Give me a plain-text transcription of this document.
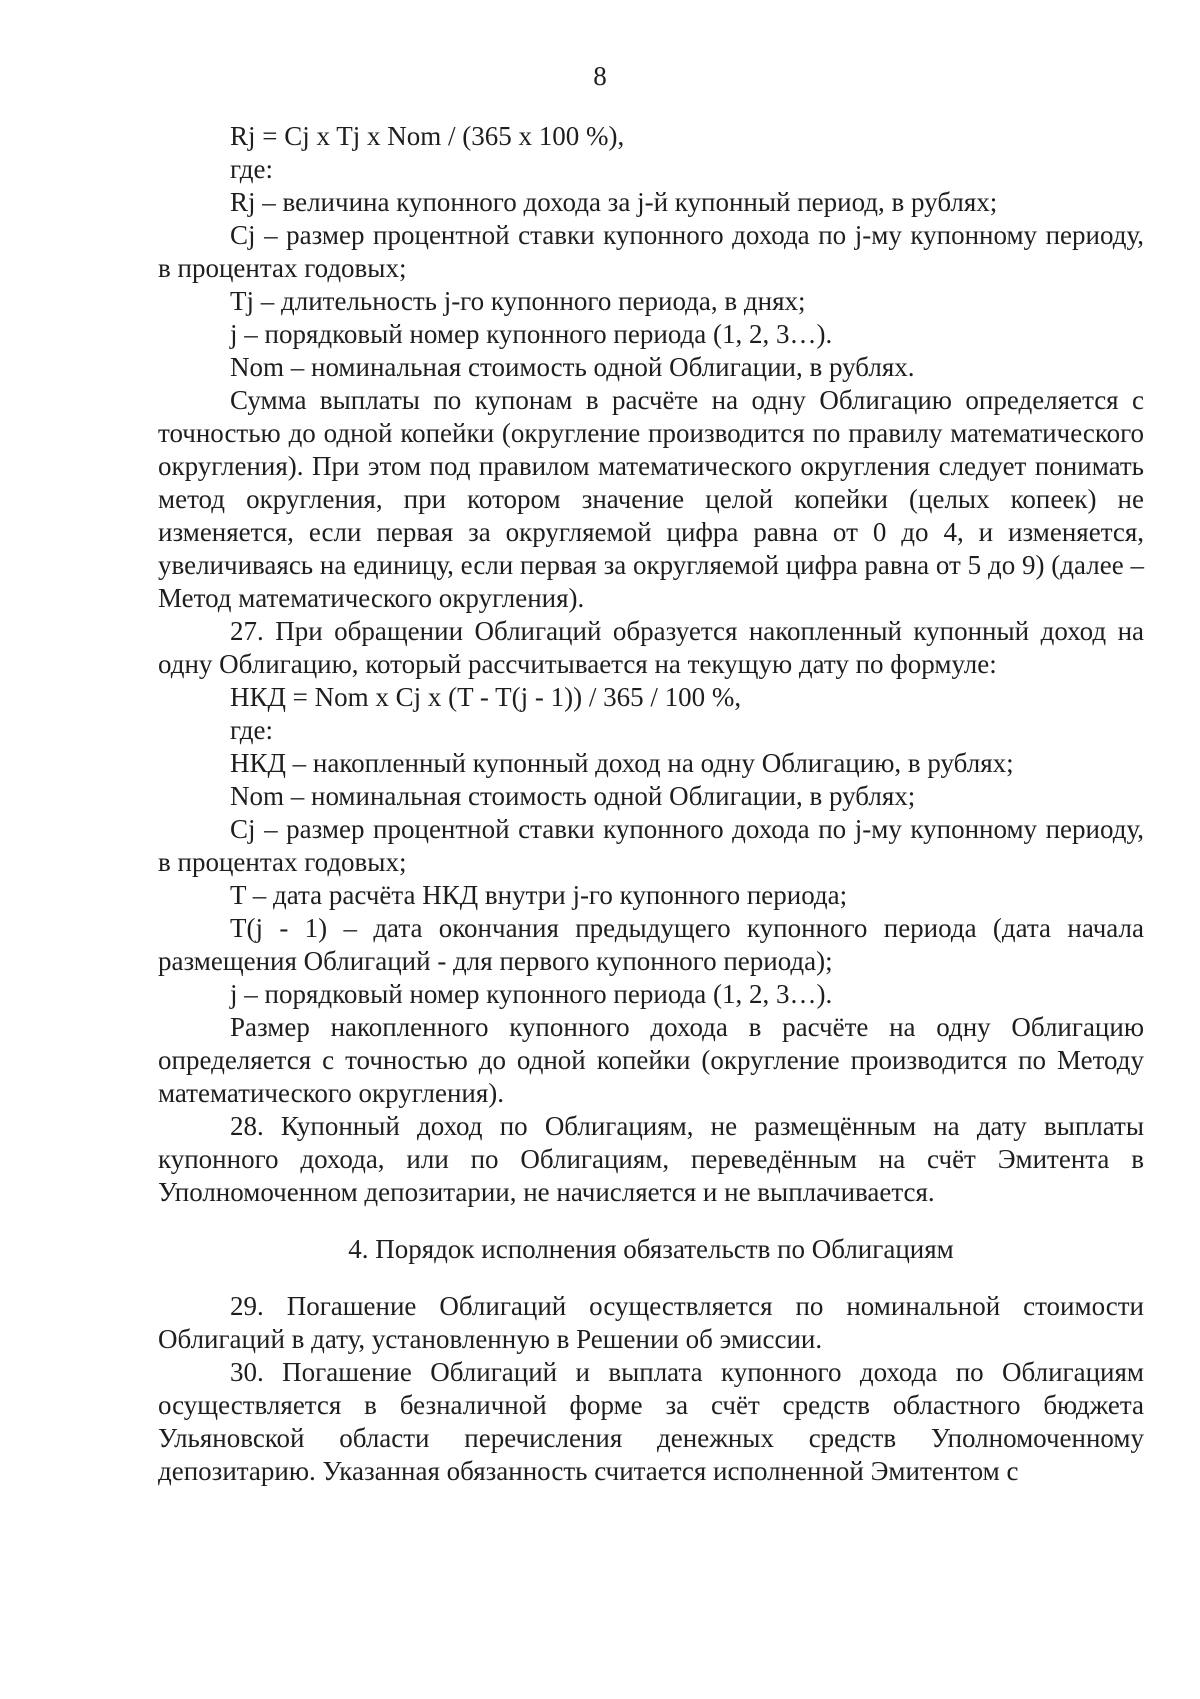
8

Rj = Cj x Tj x Nom / (365 x 100 %),

где:

Rj – величина купонного дохода за j-й купонный период, в рублях;

Cj – размер процентной ставки купонного дохода по j-му купонному периоду, в процентах годовых;

Tj – длительность j-го купонного периода, в днях;

j – порядковый номер купонного периода (1, 2, 3…).

Nom – номинальная стоимость одной Облигации, в рублях.

Сумма выплаты по купонам в расчёте на одну Облигацию определяется с точностью до одной копейки (округление производится по правилу математического округления). При этом под правилом математического округления следует понимать метод округления, при котором значение целой копейки (целых копеек) не изменяется, если первая за округляемой цифра равна от 0 до 4, и изменяется, увеличиваясь на единицу, если первая за округляемой цифра равна от 5 до 9) (далее – Метод математического округления).

27. При обращении Облигаций образуется накопленный купонный доход на одну Облигацию, который рассчитывается на текущую дату по формуле:

НКД = Nom x Cj x (T - T(j - 1)) / 365 / 100 %,

где:

НКД – накопленный купонный доход на одну Облигацию, в рублях;

Nom – номинальная стоимость одной Облигации, в рублях;

Cj – размер процентной ставки купонного дохода по j-му купонному периоду, в процентах годовых;

T – дата расчёта НКД внутри j-го купонного периода;

T(j - 1) – дата окончания предыдущего купонного периода (дата начала размещения Облигаций - для первого купонного периода);

j – порядковый номер купонного периода (1, 2, 3…).

Размер накопленного купонного дохода в расчёте на одну Облигацию определяется с точностью до одной копейки (округление производится по Методу математического округления).

28. Купонный доход по Облигациям, не размещённым на дату выплаты купонного дохода, или по Облигациям, переведённым на счёт Эмитента в Уполномоченном депозитарии, не начисляется и не выплачивается.

4. Порядок исполнения обязательств по Облигациям

29. Погашение Облигаций осуществляется по номинальной стоимости Облигаций в дату, установленную в Решении об эмиссии.

30. Погашение Облигаций и выплата купонного дохода по Облигациям осуществляется в безналичной форме за счёт средств областного бюджета Ульяновской области перечисления денежных средств Уполномоченному депозитарию. Указанная обязанность считается исполненной Эмитентом с
